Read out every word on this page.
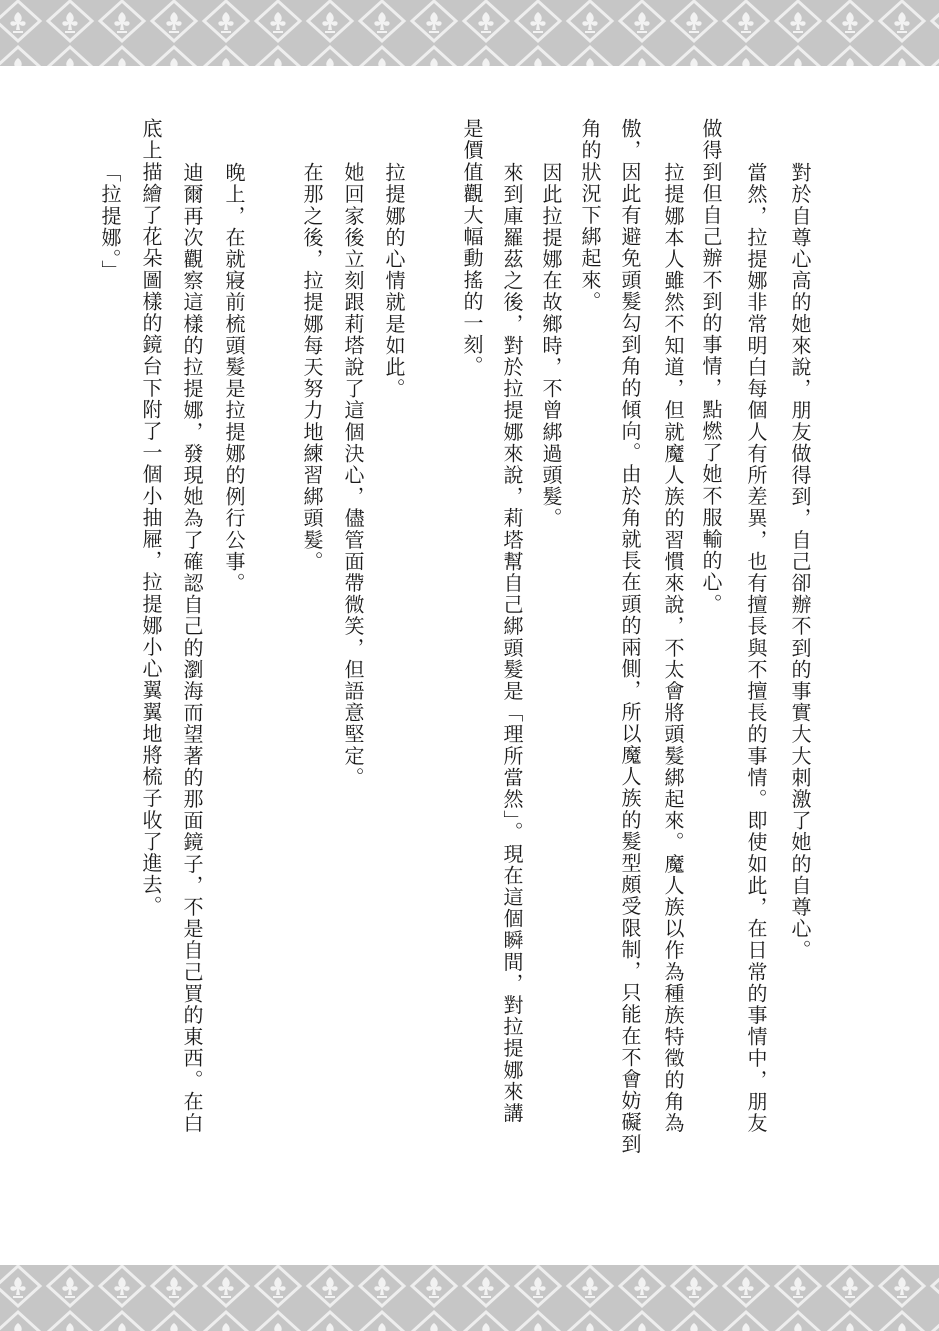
對於自尊心高的她來說，朋友做得到，自己卻辦不到的事實大大刺激了她的自尊心。
當然，拉提娜非常明白每個人有所差異，也有擅長與不擅長的事情。即使如此，在日常的事情中，朋友
做得到但自己辦不到的事情，點燃了她不服輸的心。
拉提娜本人雖然不知道，但就魔人族的習慣來說，不太會將頭髮綁起來。魔人族以作為種族特徵的角為
傲，因此有避免頭髮勾到角的傾向。由於角就長在頭的兩側，所以魔人族的髮型頗受限制，只能在不會妨礙到
角的狀況下綁起來。
因此拉提娜在故鄉時，不曾綁過頭髮。
來到庫羅茲之後，對於拉提娜來說，莉塔幫自己綁頭髮是「理所當然」。現在這個瞬間，對拉提娜來講
是價值觀大幅動搖的一刻。
拉提娜的心情就是如此。
她回家後立刻跟莉塔說了這個決心，儘管面帶微笑，但語意堅定。
在那之後，拉提娜每天努力地練習綁頭髮。
晚上，在就寢前梳頭髮是拉提娜的例行公事。
迪爾再次觀察這樣的拉提娜，發現她為了確認自己的瀏海而望著的那面鏡子，不是自己買的東西。在白
底上描繪了花朵圖樣的鏡台下附了一個小抽屜，拉提娜小心翼翼地將梳子收了進去。
「拉提娜。」
